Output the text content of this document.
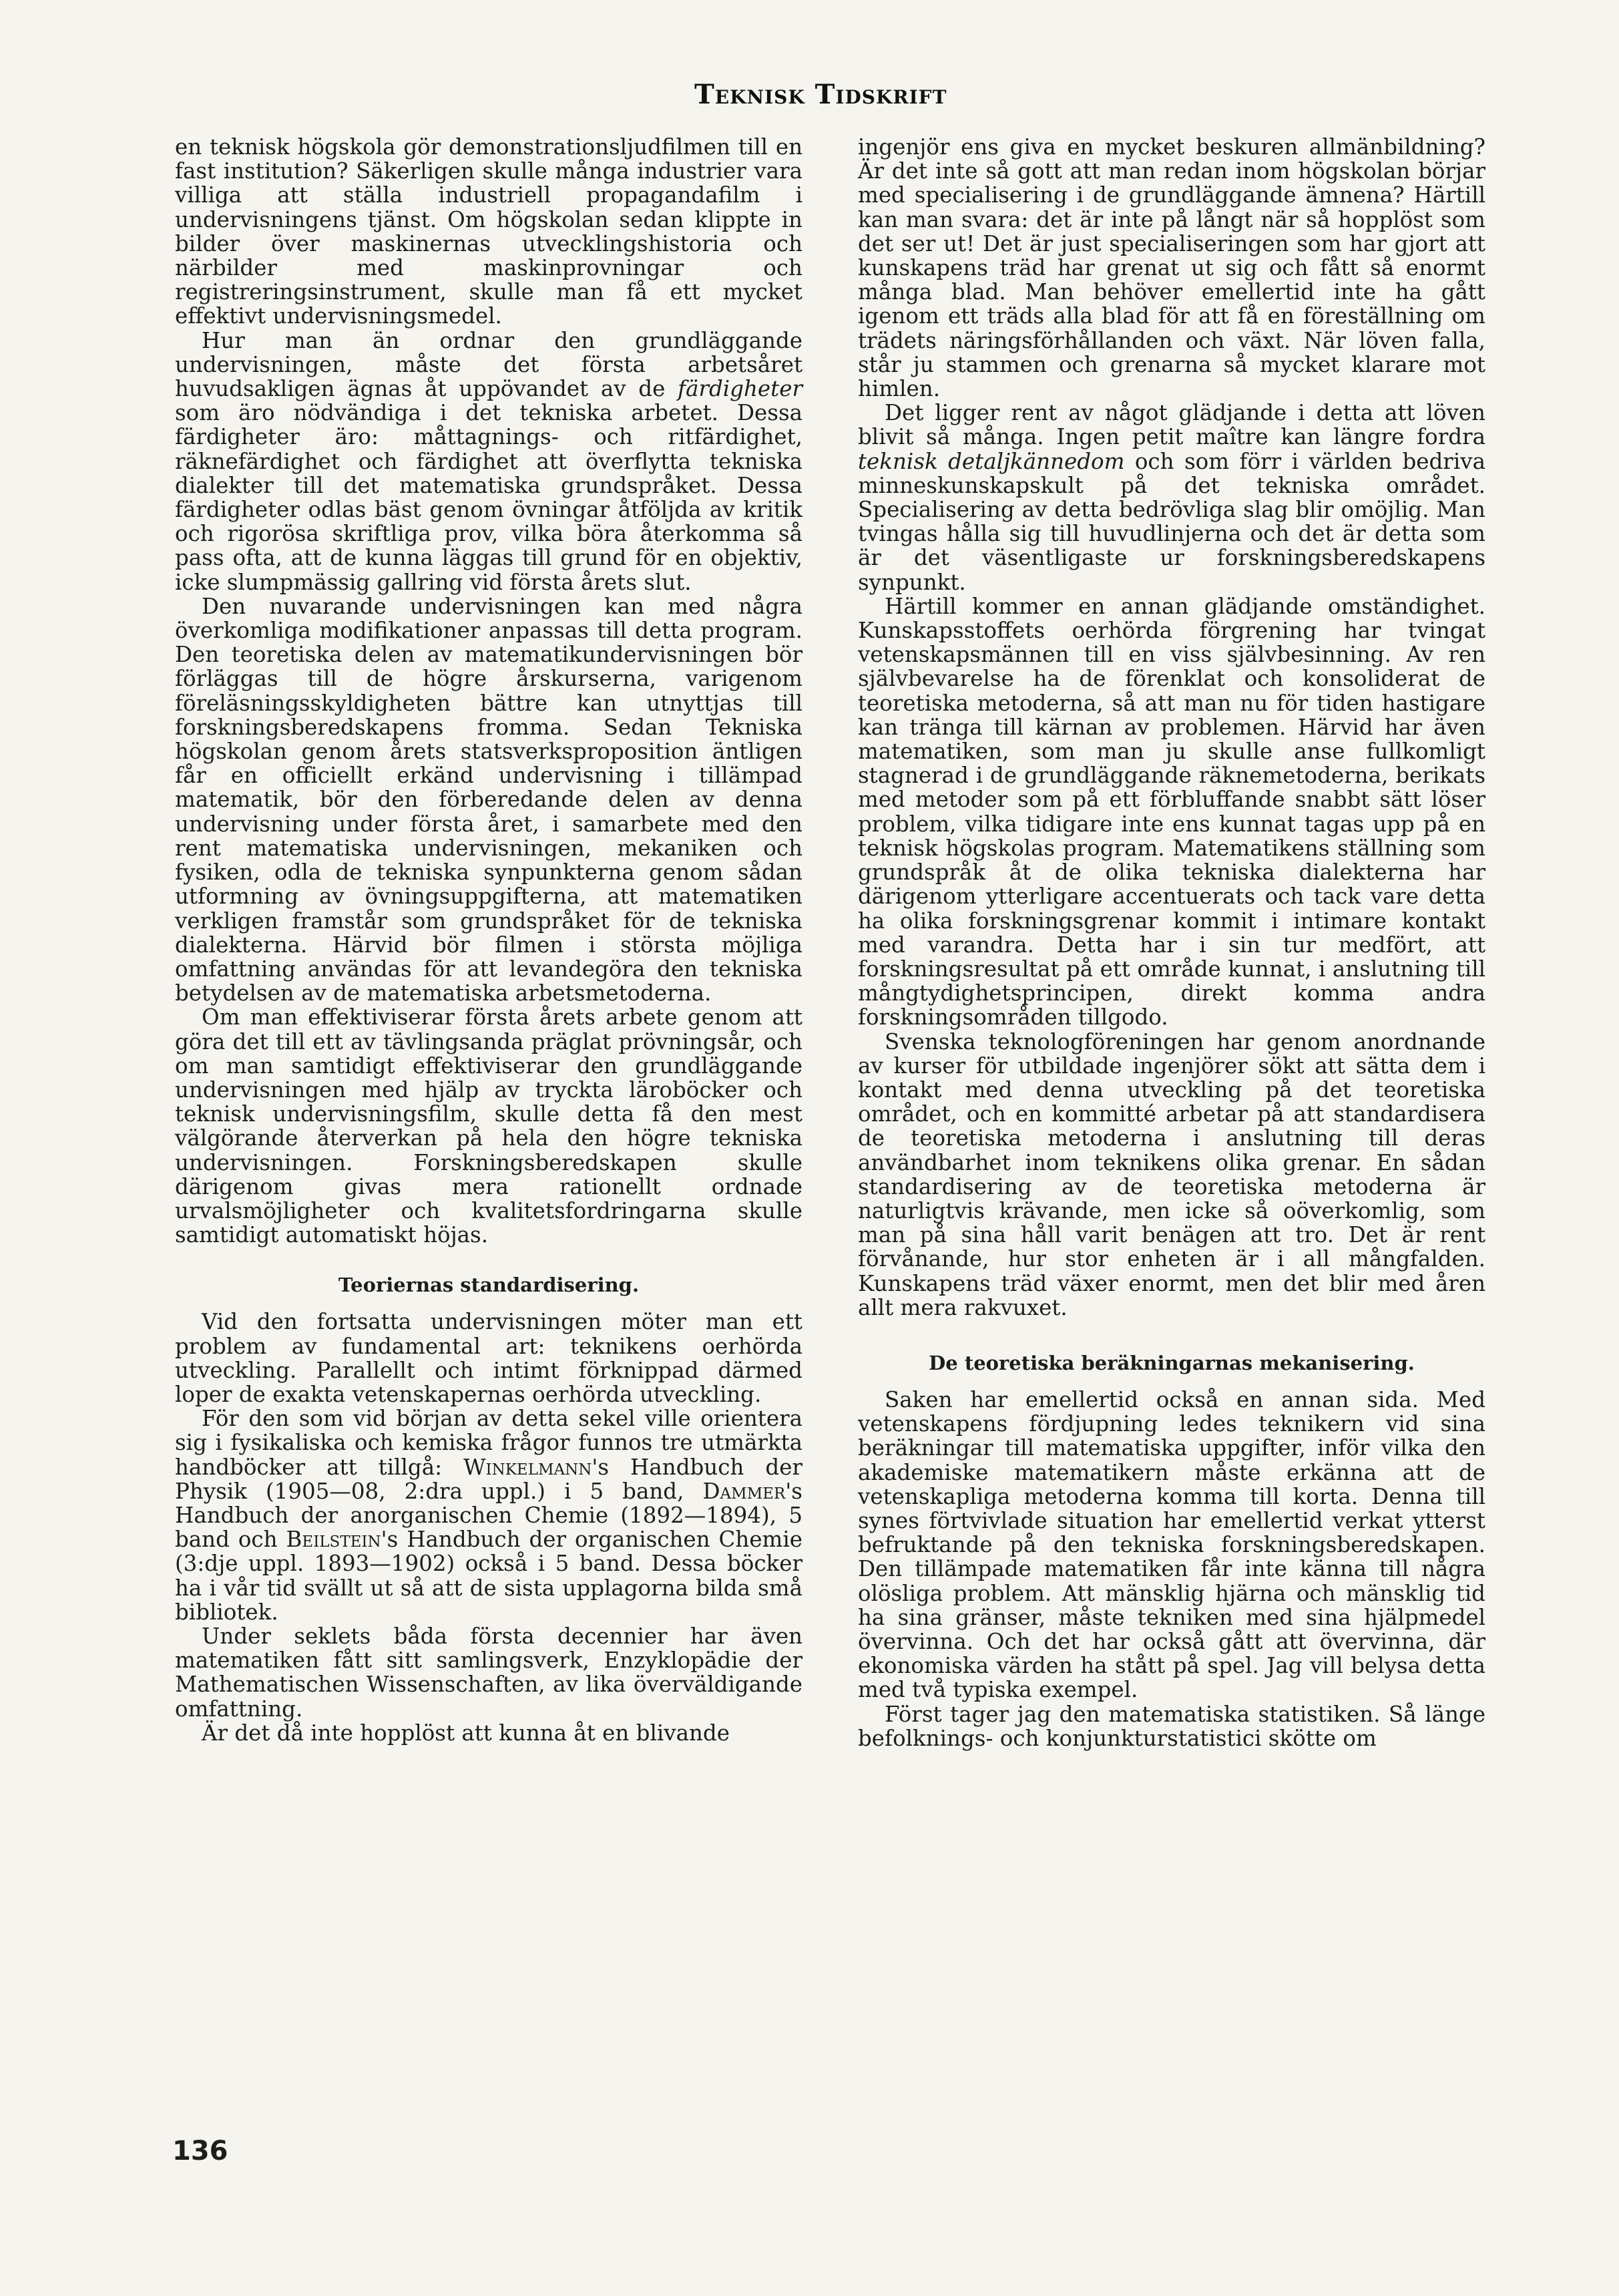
Teknisk Tidskrift

en teknisk högskola gör demonstrationsljudfilmen till en fast institution? Säkerligen skulle många industrier vara villiga att ställa industriell propagandafilm i undervisningens tjänst. Om högskolan sedan klippte in bilder över maskinernas utvecklingshistoria och närbilder med maskinprovningar och registreringsinstrument, skulle man få ett mycket effektivt undervisningsmedel.

Hur man än ordnar den grundläggande undervisningen, måste det första arbetsåret huvudsakligen ägnas åt uppövandet av de färdigheter som äro nödvändiga i det tekniska arbetet. Dessa färdigheter äro: måttagnings- och ritfärdighet, räknefärdighet och färdighet att överflytta tekniska dialekter till det matematiska grundspråket. Dessa färdigheter odlas bäst genom övningar åtföljda av kritik och rigorösa skriftliga prov, vilka böra återkomma så pass ofta, att de kunna läggas till grund för en objektiv, icke slumpmässig gallring vid första årets slut.

Den nuvarande undervisningen kan med några överkomliga modifikationer anpassas till detta program. Den teoretiska delen av matematikundervisningen bör förläggas till de högre årskurserna, varigenom föreläsningsskyldigheten bättre kan utnyttjas till forskningsberedskapens fromma. Sedan Tekniska högskolan genom årets statsverksproposition äntligen får en officiellt erkänd undervisning i tillämpad matematik, bör den förberedande delen av denna undervisning under första året, i samarbete med den rent matematiska undervisningen, mekaniken och fysiken, odla de tekniska synpunkterna genom sådan utformning av övningsuppgifterna, att matematiken verkligen framstår som grundspråket för de tekniska dialekterna. Härvid bör filmen i största möjliga omfattning användas för att levandegöra den tekniska betydelsen av de matematiska arbetsmetoderna.

Om man effektiviserar första årets arbete genom att göra det till ett av tävlingsanda präglat prövningsår, och om man samtidigt effektiviserar den grundläggande undervisningen med hjälp av tryckta läroböcker och teknisk undervisningsfilm, skulle detta få den mest välgörande återverkan på hela den högre tekniska undervisningen. Forskningsberedskapen skulle därigenom givas mera rationellt ordnade urvalsmöjligheter och kvalitetsfordringarna skulle samtidigt automatiskt höjas.

Teoriernas standardisering.

Vid den fortsatta undervisningen möter man ett problem av fundamental art: teknikens oerhörda utveckling. Parallellt och intimt förknippad därmed loper de exakta vetenskapernas oerhörda utveckling.

För den som vid början av detta sekel ville orientera sig i fysikaliska och kemiska frågor funnos tre utmärkta handböcker att tillgå: Winkelmann's Handbuch der Physik (1905—08, 2:dra uppl.) i 5 band, Dammer's Handbuch der anorganischen Chemie (1892—1894), 5 band och Beilstein's Handbuch der organischen Chemie (3:dje uppl. 1893—1902) också i 5 band. Dessa böcker ha i vår tid svällt ut så att de sista upplagorna bilda små bibliotek.

Under seklets båda första decennier har även matematiken fått sitt samlingsverk, Enzyklopädie der Mathematischen Wissenschaften, av lika överväldigande omfattning.

Är det då inte hopplöst att kunna åt en blivande

ingenjör ens giva en mycket beskuren allmänbildning? Är det inte så gott att man redan inom högskolan börjar med specialisering i de grundläggande ämnena? Härtill kan man svara: det är inte på långt när så hopplöst som det ser ut! Det är just specialiseringen som har gjort att kunskapens träd har grenat ut sig och fått så enormt många blad. Man behöver emellertid inte ha gått igenom ett träds alla blad för att få en föreställning om trädets näringsförhållanden och växt. När löven falla, står ju stammen och grenarna så mycket klarare mot himlen.

Det ligger rent av något glädjande i detta att löven blivit så många. Ingen petit maître kan längre fordra teknisk detaljkännedom och som förr i världen bedriva minneskunskapskult på det tekniska området. Specialisering av detta bedrövliga slag blir omöjlig. Man tvingas hålla sig till huvudlinjerna och det är detta som är det väsentligaste ur forskningsberedskapens synpunkt.

Härtill kommer en annan glädjande omständighet. Kunskapsstoffets oerhörda förgrening har tvingat vetenskapsmännen till en viss självbesinning. Av ren självbevarelse ha de förenklat och konsoliderat de teoretiska metoderna, så att man nu för tiden hastigare kan tränga till kärnan av problemen. Härvid har även matematiken, som man ju skulle anse fullkomligt stagnerad i de grundläggande räknemetoderna, berikats med metoder som på ett förbluffande snabbt sätt löser problem, vilka tidigare inte ens kunnat tagas upp på en teknisk högskolas program. Matematikens ställning som grundspråk åt de olika tekniska dialekterna har därigenom ytterligare accentuerats och tack vare detta ha olika forskningsgrenar kommit i intimare kontakt med varandra. Detta har i sin tur medfört, att forskningsresultat på ett område kunnat, i anslutning till mångtydighetsprincipen, direkt komma andra forskningsområden tillgodo.

Svenska teknologföreningen har genom anordnande av kurser för utbildade ingenjörer sökt att sätta dem i kontakt med denna utveckling på det teoretiska området, och en kommitté arbetar på att standardisera de teoretiska metoderna i anslutning till deras användbarhet inom teknikens olika grenar. En sådan standardisering av de teoretiska metoderna är naturligtvis krävande, men icke så oöverkomlig, som man på sina håll varit benägen att tro. Det är rent förvånande, hur stor enheten är i all mångfalden. Kunskapens träd växer enormt, men det blir med åren allt mera rakvuxet.

De teoretiska beräkningarnas mekanisering.

Saken har emellertid också en annan sida. Med vetenskapens fördjupning ledes teknikern vid sina beräkningar till matematiska uppgifter, inför vilka den akademiske matematikern måste erkänna att de vetenskapliga metoderna komma till korta. Denna till synes förtvivlade situation har emellertid verkat ytterst befruktande på den tekniska forskningsberedskapen. Den tillämpade matematiken får inte känna till några olösliga problem. Att mänsklig hjärna och mänsklig tid ha sina gränser, måste tekniken med sina hjälpmedel övervinna. Och det har också gått att övervinna, där ekonomiska värden ha stått på spel. Jag vill belysa detta med två typiska exempel.

Först tager jag den matematiska statistiken. Så länge befolknings- och konjunkturstatistici skötte om

136
